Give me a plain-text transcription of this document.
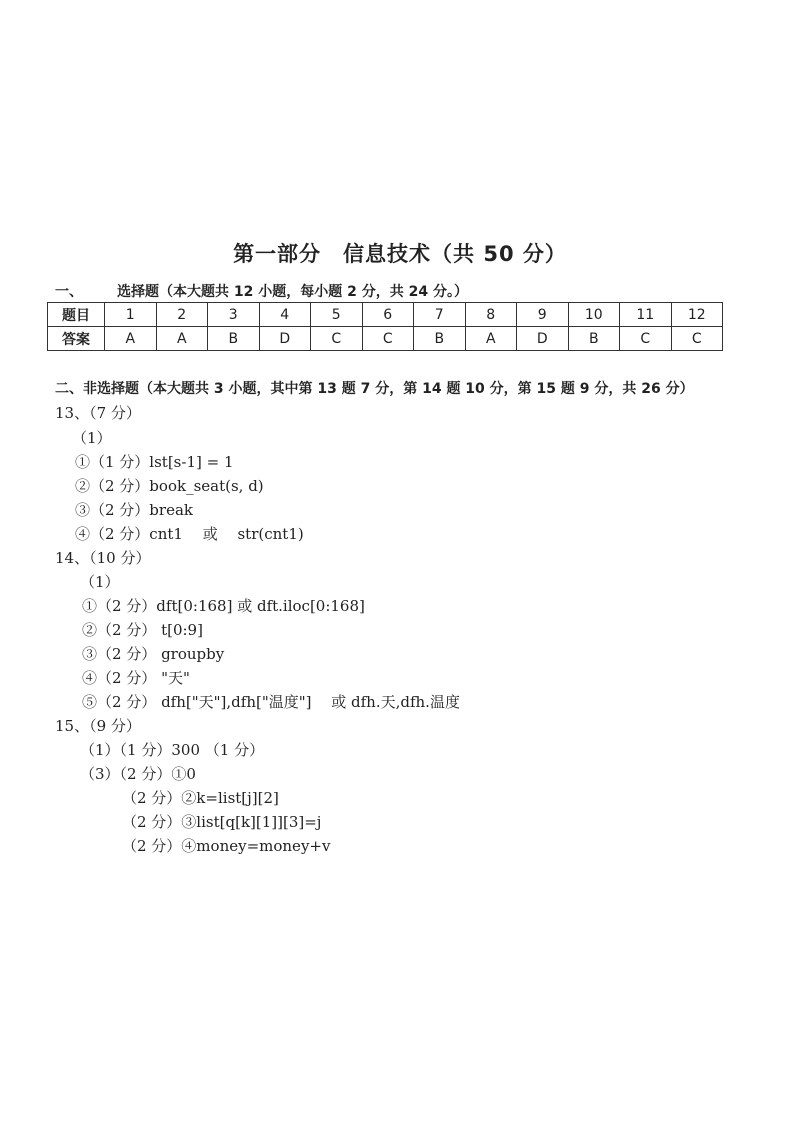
第一部分　信息技术（共 50 分）
一、 选择题（本大题共 12 小题，每小题 2 分，共 24 分。）
题目	1	2	3	4	5	6	7	8	9	10	11	12
答案	A	A	B	D	C	C	B	A	D	B	C	C
二、非选择题（本大题共 3 小题，其中第 13 题 7 分，第 14 题 10 分，第 15 题 9 分，共 26 分）
13、（7 分）
（1）
①（1 分）lst[s-1] = 1
②（2 分）book_seat(s, d)
③（2 分）break
④（2 分）cnt1　 或　 str(cnt1)
14、（10 分）
（1）
①（2 分）dft[0:168] 或 dft.iloc[0:168]
②（2 分） t[0:9]
③（2 分） groupby
④（2 分） "天"
⑤（2 分） dfh["天"],dfh["温度"]　 或 dfh.天,dfh.温度
15、（9 分）
（1）（1 分）300 （1 分）
（3）（2 分）①0
（2 分）②k=list[j][2]
（2 分）③list[q[k][1]][3]=j
（2 分）④money=money+v
